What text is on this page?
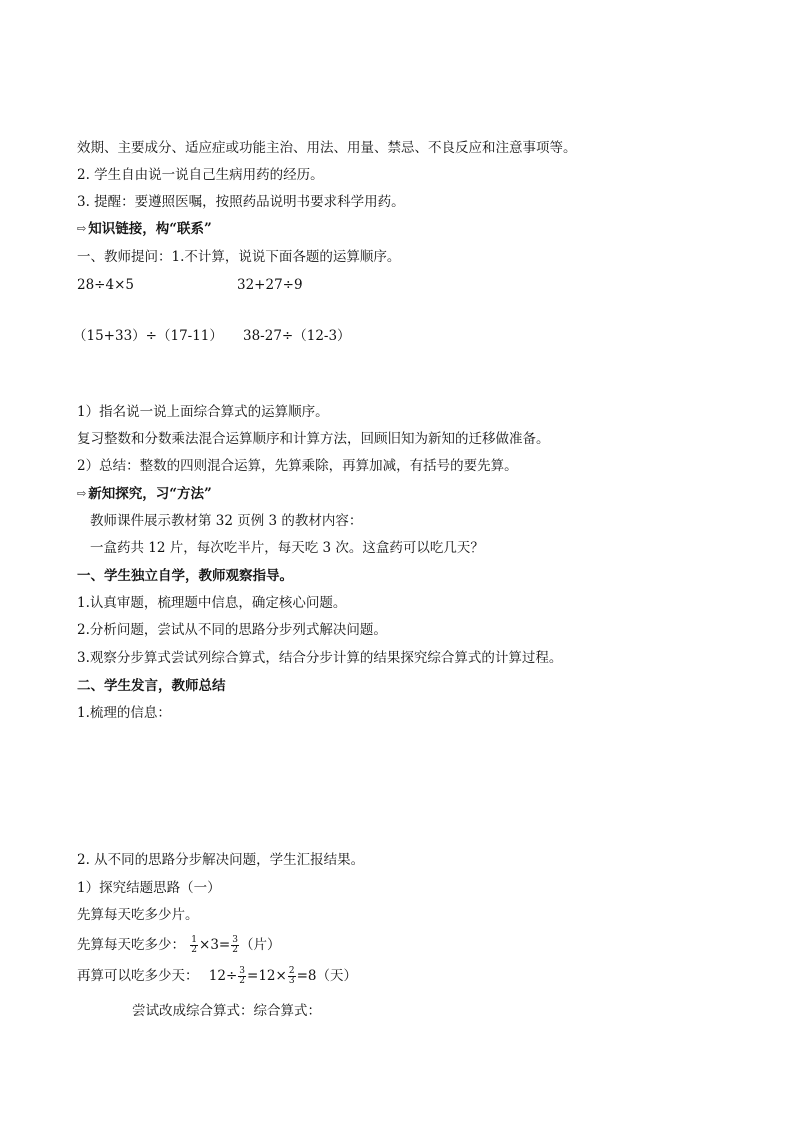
效期、主要成分、适应症或功能主治、用法、用量、禁忌、不良反应和注意事项等。
2. 学生自由说一说自己生病用药的经历。
3. 提醒：要遵照医嘱，按照药品说明书要求科学用药。
⇨ 知识链接，构“联系”
一、教师提问：1.不计算，说说下面各题的运算顺序。
28÷4×5	32+27÷9
（15+33）÷（17-11） 38-27÷（12-3）
1）指名说一说上面综合算式的运算顺序。
复习整数和分数乘法混合运算顺序和计算方法，回顾旧知为新知的迁移做准备。
2）总结：整数的四则混合运算，先算乘除，再算加减，有括号的要先算。
⇨ 新知探究，习“方法”
教师课件展示教材第 32 页例 3 的教材内容：
一盒药共 12 片，每次吃半片，每天吃 3 次。这盒药可以吃几天？
一、学生独立自学，教师观察指导。
1.认真审题，梳理题中信息，确定核心问题。
2.分析问题，尝试从不同的思路分步列式解决问题。
3.观察分步算式尝试列综合算式，结合分步计算的结果探究综合算式的计算过程。
二、学生发言，教师总结
1.梳理的信息：
2. 从不同的思路分步解决问题，学生汇报结果。
1）探究结题思路（一）
先算每天吃多少片。
先算每天吃多少： $\frac{1}{2} \times 3= \frac{3}{2}$ （片）
再算可以吃多少天： $12\div \frac{3}{2} =12\times \frac{2}{3} =8$（天）
尝试改成综合算式：综合算式：
